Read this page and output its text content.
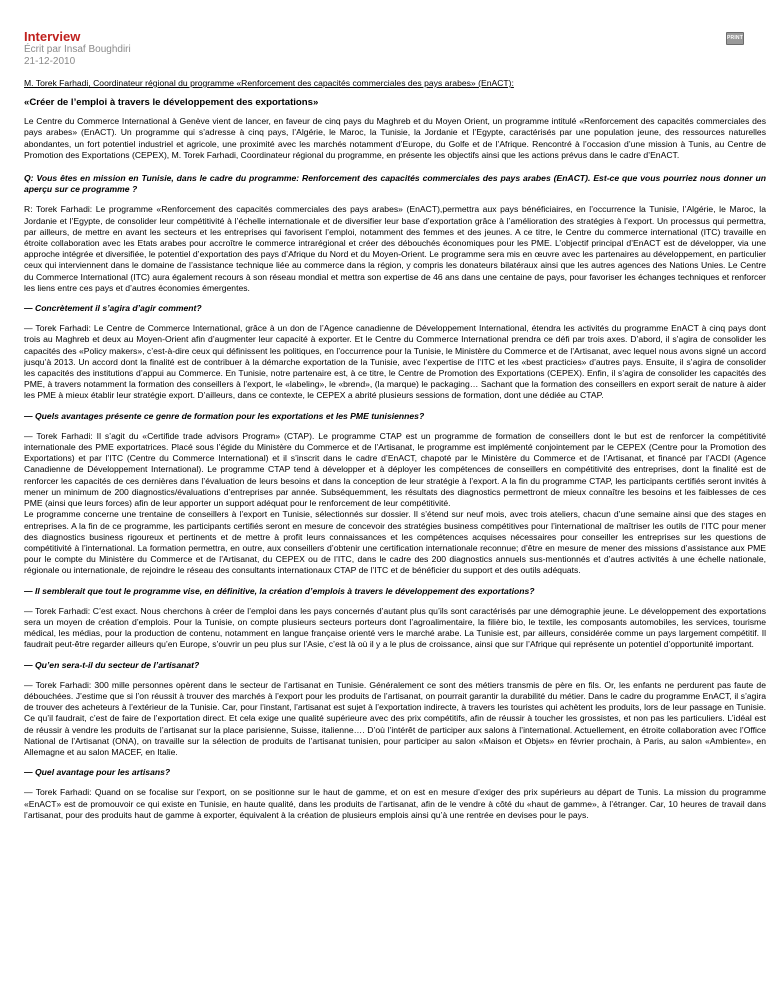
Interview
Écrit par Insaf Boughdiri
21-12-2010
PRINT

M. Torek Farhadi, Coordinateur régional du programme «Renforcement des capacités commerciales des pays arabes» (EnACT):

«Créer de l’emploi à travers le développement des exportations»

Le Centre du Commerce International à Genève vient de lancer, en faveur de cinq pays du Maghreb et du Moyen Orient, un programme intitulé «Renforcement des capacités commerciales des pays arabes» (EnACT). Un programme qui s’adresse à cinq pays, l’Algérie, le Maroc, la Tunisie, la Jordanie et l’Egypte, caractérisés par une population jeune, des ressources naturelles abondantes, un fort potentiel industriel et agricole, une proximité avec les marchés notamment d’Europe, du Golfe et de l’Afrique. Rencontré à l’occasion d’une mission à Tunis, au Centre de Promotion des Exportations (CEPEX), M. Torek Farhadi, Coordinateur régional du programme, en présente les objectifs ainsi que les actions prévus dans le cadre d’EnACT.

Q: Vous êtes en mission en Tunisie, dans le cadre du programme: Renforcement des capacités commerciales des pays arabes (EnACT). Est-ce que vous pourriez nous donner un aperçu sur ce programme ?

R: Torek Farhadi: Le programme «Renforcement des capacités commerciales des pays arabes» (EnACT),permettra aux pays bénéficiaires, en l’occurrence la Tunisie, l’Algérie, le Maroc, la Jordanie et l’Egypte, de consolider leur compétitivité à l’échelle internationale et de diversifier leur base d’exportation grâce à l’amélioration des stratégies à l’export. Un processus qui permettra, par ailleurs, de mettre en avant les secteurs et les entreprises qui favorisent l’emploi, notamment des femmes et des jeunes. A ce titre, le Centre du commerce international (ITC) travaille en étroite collaboration avec les Etats arabes pour accroître le commerce intrarégional et créer des débouchés économiques pour les PME. L’objectif principal d’EnACT est de développer, via une approche intégrée et diversifiée, le potentiel d’exportation des pays d’Afrique du Nord et du Moyen-Orient. Le programme sera mis en œuvre avec les partenaires au développement, en particulier ceux qui interviennent dans le domaine de l’assistance technique liée au commerce dans la région, y compris les donateurs bilatéraux ainsi que les autres agences des Nations Unies. Le Centre du Commerce International (ITC) aura également recours à son réseau mondial et mettra son expertise de 46 ans dans une centaine de pays, pour favoriser les échanges techniques et renforcer les liens entre ces pays et d’autres économies émergentes.

— Concrètement il s’agira d’agir comment?

— Torek Farhadi: Le Centre de Commerce International, grâce à un don de l’Agence canadienne de Développement International, étendra les activités du programme EnACT à cinq pays dont trois au Maghreb et deux au Moyen-Orient afin d’augmenter leur capacité à exporter. Et le Centre du Commerce International prendra ce défi par trois axes. D’abord, il s’agira de consolider les capacités des «Policy makers», c’est-à-dire ceux qui définissent les politiques, en l’occurrence pour la Tunisie, le Ministère du Commerce et de l’Artisanat, avec lequel nous avons signé un accord jusqu’à 2013. Un accord dont la finalité est de contribuer à la démarche exportation de la Tunisie, avec l’expertise de l’ITC et les «best practicies» d’autres pays. Ensuite, il s’agira de consolider les capacités des institutions d’appui au Commerce. En Tunisie, notre partenaire est, à ce titre, le Centre de Promotion des Exportations (CEPEX). Enfin, il s’agira de consolider les capacités des PME, à travers notamment la formation des conseillers à l’export, le «labeling», le «brend», (la marque) le packaging… Sachant que la formation des conseillers en export serait de nature à aider les PME à mieux établir leur stratégie export. D’ailleurs, dans ce contexte, le CEPEX a abrité plusieurs sessions de formation, dont une dédiée au CTAP.

— Quels avantages présente ce genre de formation pour les exportations et les PME tunisiennes?

— Torek Farhadi: Il s’agit du «Certifide trade advisors Program» (CTAP). Le programme CTAP est un programme de formation de conseillers dont le but est de renforcer la compétitivité internationale des PME exportatrices. Placé sous l’égide du Ministère du Commerce et de l’Artisanat, le programme est implémenté conjointement par le CEPEX (Centre pour la Promotion des Exportations) et par l’ITC (Centre du Commerce International) et il s’inscrit dans le cadre d’EnACT, chapoté par le Ministère du Commerce et de l’Artisanat, et financé par l’ACDI (Agence Canadienne de Développement International). Le programme CTAP tend à développer et à déployer les compétences de conseillers en compétitivité des entreprises, dont la finalité est de renforcer les capacités de ces dernières dans l’évaluation de leurs besoins et dans la conception de leur stratégie à l’export. A la fin du programme CTAP, les participants certifiés seront invités à mener un minimum de 200 diagnostics/évaluations d’entreprises par année. Subséquemment, les résultats des diagnostics permettront de mieux connaître les besoins et les faiblesses de ces PME (ainsi que leurs forces) afin de leur apporter un support adéquat pour le renforcement de leur compétitivité.

Le programme concerne une trentaine de conseillers à l’export en Tunisie, sélectionnés sur dossier. Il s’étend sur neuf mois, avec trois ateliers, chacun d’une semaine ainsi que des stages en entreprises. A la fin de ce programme, les participants certifiés seront en mesure de concevoir des stratégies business compétitives pour l’international de maîtriser les outils de l’ITC pour mener des diagnostics business rigoureux et pertinents et de mettre à profit leurs connaissances et les compétences acquises nécessaires pour conseiller les entreprises sur les questions de compétitivité à l’international. La formation permettra, en outre, aux conseillers d’obtenir une certification internationale reconnue; d’être en mesure de mener des missions d’assistance aux PME pour le compte du Ministère du Commerce et de l’Artisanat, du CEPEX ou de l’ITC, dans le cadre des 200 diagnostics annuels sus-mentionnés et d’autres activités à une échelle nationale, régionale ou internationale, de rejoindre le réseau des consultants internationaux CTAP de l’ITC et de bénéficier du support et des outils adéquats.

— Il semblerait que tout le programme vise, en définitive, la création d’emplois à travers le développement des exportations?

— Torek Farhadi: C’est exact. Nous cherchons à créer de l’emploi dans les pays concernés d’autant plus qu’ils sont caractérisés par une démographie jeune. Le développement des exportations sera un moyen de création d’emplois. Pour la Tunisie, on compte plusieurs secteurs porteurs dont l’agroalimentaire, la filière bio, le textile, les composants automobiles, les services, tourisme médical, les médias, pour la production de contenu, notamment en langue française orienté vers le marché arabe. La Tunisie est, par ailleurs, considérée comme un pays largement compétitif. Il faudrait peut-être regarder ailleurs qu’en Europe, s’ouvrir un peu plus sur l’Asie, c’est là où il y a le plus de croissance, ainsi que sur l’Afrique qui représente un potentiel d’opportunité important.

— Qu’en sera-t-il du secteur de l’artisanat?

— Torek Farhadi: 300 mille personnes opèrent dans le secteur de l’artisanat en Tunisie. Généralement ce sont des métiers transmis de père en fils. Or, les enfants ne perdurent pas faute de débouchées. J’estime que si l’on réussit à trouver des marchés à l’export pour les produits de l’artisanat, on pourrait garantir la durabilité du métier. Dans le cadre du programme EnACT, il s’agira de trouver des acheteurs à l’extérieur de la Tunisie. Car, pour l’instant, l’artisanat est sujet à l’exportation indirecte, à travers les touristes qui achètent les produits, lors de leur passage en Tunisie. Ce qu’il faudrait, c’est de faire de l’exportation direct. Et cela exige une qualité supérieure avec des prix compétitifs, afin de réussir à toucher les grossistes, et non pas les particuliers. L’idéal est de réussir à vendre les produits de l’artisanat sur la place parisienne, Suisse, italienne…. D’où l’intérêt de participer aux salons à l’international. Actuellement, en étroite collaboration avec l’Office National de l’Artisanat (ONA), on travaille sur la sélection de produits de l’artisanat tunisien, pour participer au salon «Maison et Objets» en février prochain, à Paris, au salon «Ambiente», en Allemagne et au salon MACEF, en Italie.

— Quel avantage pour les artisans?

— Torek Farhadi: Quand on se focalise sur l’export, on se positionne sur le haut de gamme, et on est en mesure d’exiger des prix supérieurs au départ de Tunis. La mission du programme «EnACT» est de promouvoir ce qui existe en Tunisie, en haute qualité, dans les produits de l’artisanat, afin de le vendre à côté du «haut de gamme», à l’étranger. Car, 10 heures de travail dans l’artisanat, pour des produits haut de gamme à exporter, équivalent à la création de plusieurs emplois ainsi qu’à une rentrée en devises pour le pays.
